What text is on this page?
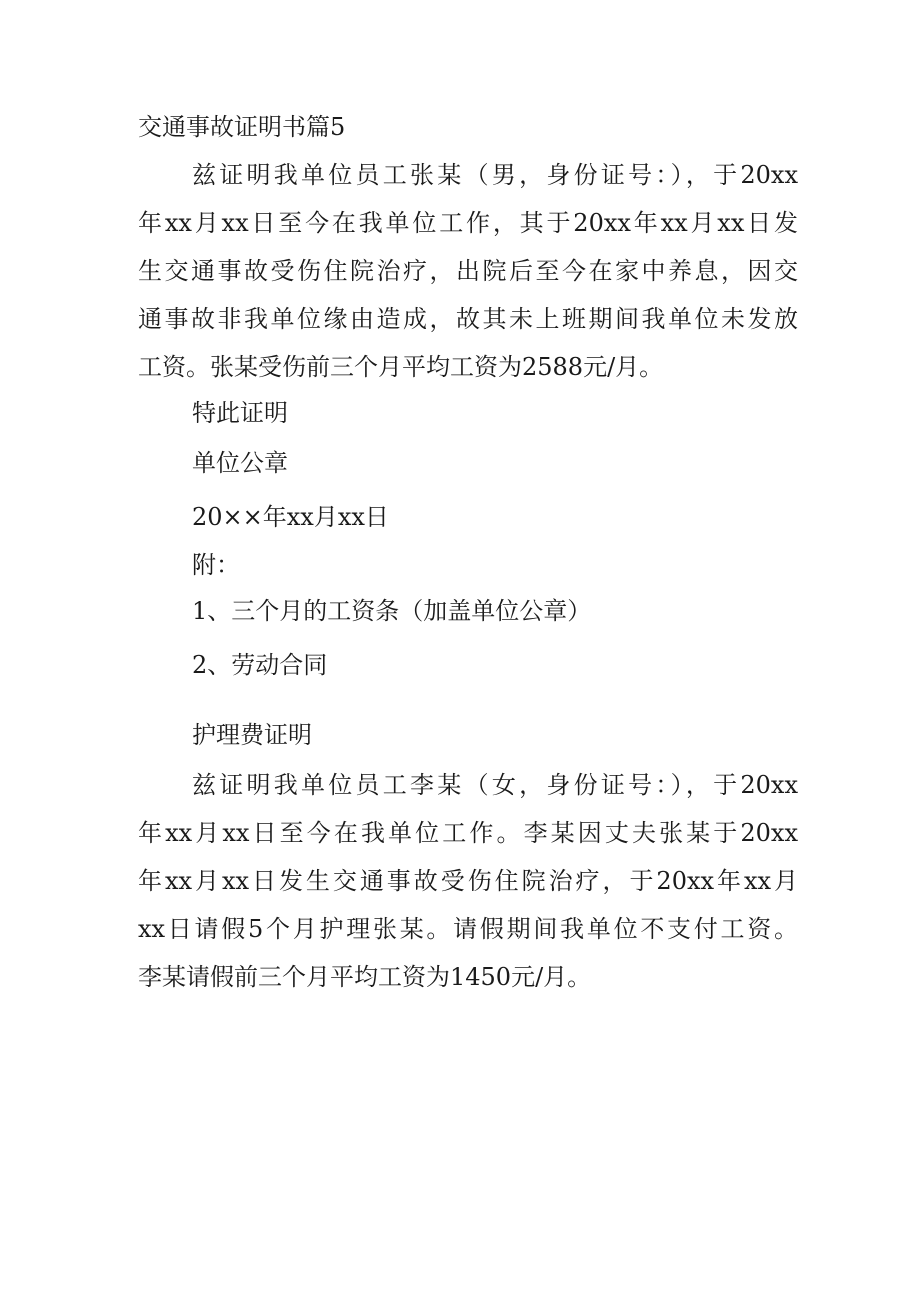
交通事故证明书篇5
兹证明我单位员工张某（男，身份证号：），于20xx
年xx月xx日至今在我单位工作，其于20xx年xx月xx日发
生交通事故受伤住院治疗，出院后至今在家中养息，因交
通事故非我单位缘由造成，故其未上班期间我单位未发放
工资。张某受伤前三个月平均工资为2588元/月。
特此证明
单位公章
20××年xx月xx日
附：
1、三个月的工资条（加盖单位公章）
2、劳动合同
护理费证明
兹证明我单位员工李某（女，身份证号：），于20xx
年xx月xx日至今在我单位工作。李某因丈夫张某于20xx
年xx月xx日发生交通事故受伤住院治疗，于20xx年xx月
xx日请假5个月护理张某。请假期间我单位不支付工资。
李某请假前三个月平均工资为1450元/月。
